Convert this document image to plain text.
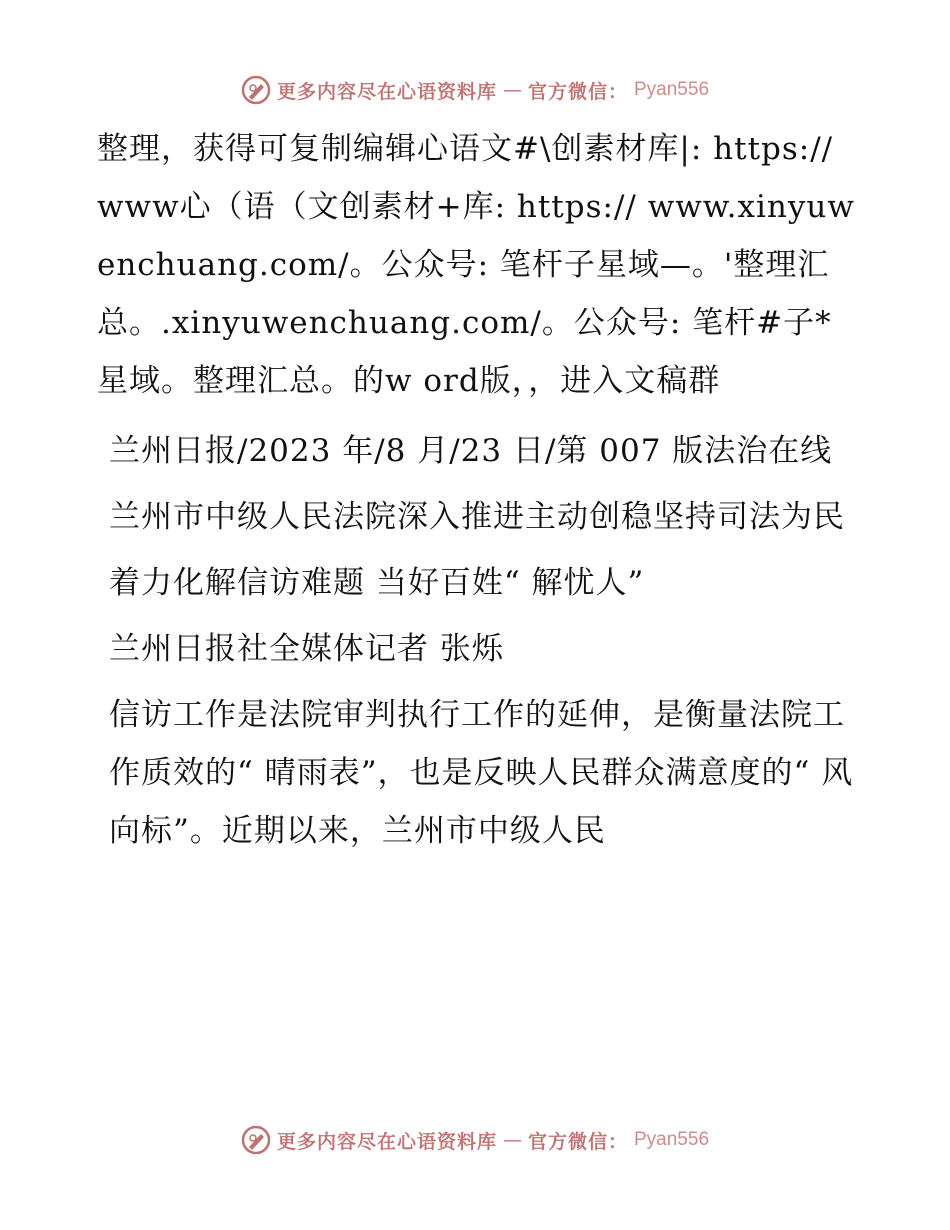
更多内容尽在心语资料库 — 官方微信： Pyan556

整理，获得可复制编辑心语文#\创素材库|: https://www心（语（文创素材+库: https:// www.xinyuwenchuang.com/。公众号: 笔杆子星域—。'整理汇总。.xinyuwenchuang.com/。公众号: 笔杆#子*星域。整理汇总。的w ord版，，进入文稿群

兰州日报/2023 年/8 月/23 日/第 007 版法治在线

兰州市中级人民法院深入推进主动创稳坚持司法为民

着力化解信访难题 当好百姓“ 解忧人”

兰州日报社全媒体记者 张烁

信访工作是法院审判执行工作的延伸，是衡量法院工作质效的“ 晴雨表”，也是反映人民群众满意度的“ 风向标”。近期以来，兰州市中级人民

更多内容尽在心语资料库 — 官方微信： Pyan556
